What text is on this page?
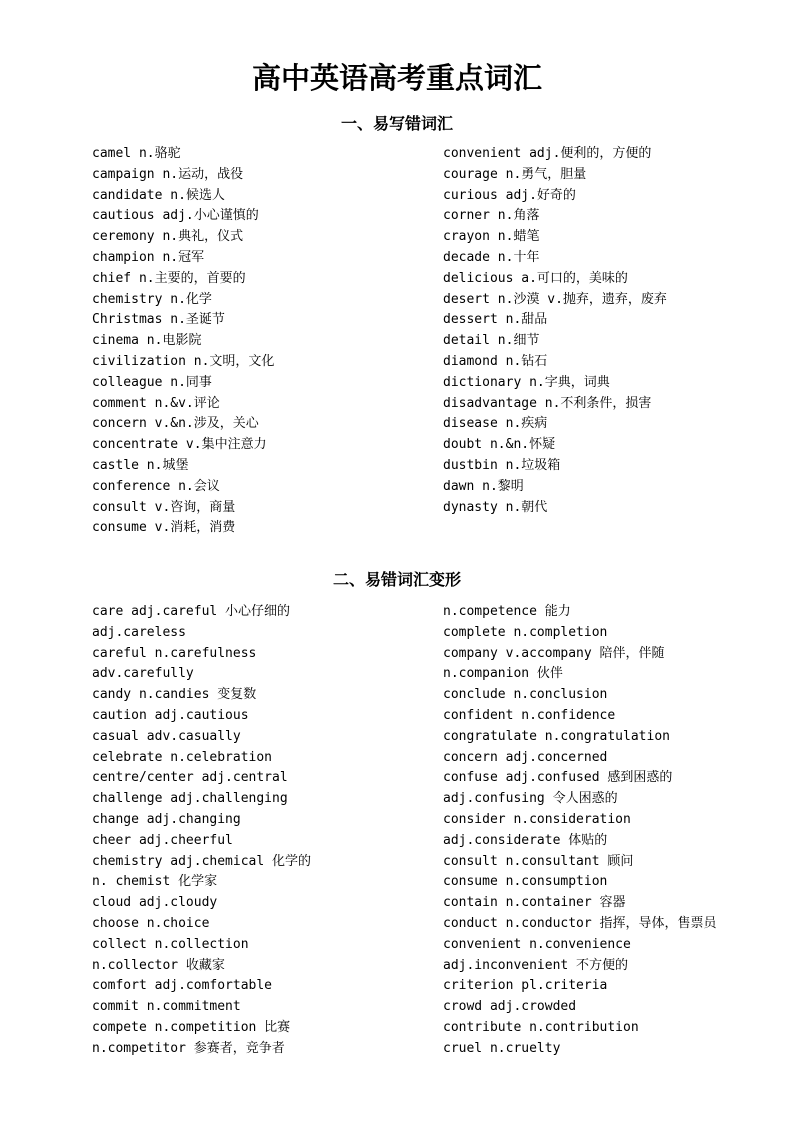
高中英语高考重点词汇
一、易写错词汇
camel n.骆驼
campaign n.运动，战役
candidate n.候选人
cautious adj.小心谨慎的
ceremony n.典礼，仪式
champion n.冠军
chief n.主要的，首要的
chemistry n.化学
Christmas n.圣诞节
cinema n.电影院
civilization n.文明，文化
colleague n.同事
comment n.&v.评论
concern v.&n.涉及，关心
concentrate v.集中注意力
castle n.城堡
conference n.会议
consult v.咨询，商量
consume v.消耗，消费
convenient adj.便利的，方便的
courage n.勇气，胆量
curious adj.好奇的
corner n.角落
crayon n.蜡笔
decade n.十年
delicious a.可口的，美味的
desert n.沙漠 v.抛弃，遗弃，废弃
dessert n.甜品
detail n.细节
diamond n.钻石
dictionary n.字典，词典
disadvantage n.不利条件，损害
disease n.疾病
doubt n.&n.怀疑
dustbin n.垃圾箱
dawn n.黎明
dynasty n.朝代
二、易错词汇变形
care adj.careful 小心仔细的
adj.careless
careful n.carefulness
adv.carefully
candy n.candies 变复数
caution adj.cautious
casual adv.casually
celebrate n.celebration
centre/center adj.central
challenge adj.challenging
change adj.changing
cheer adj.cheerful
chemistry adj.chemical 化学的
n. chemist 化学家
cloud adj.cloudy
choose n.choice
collect n.collection
n.collector 收藏家
comfort adj.comfortable
commit n.commitment
compete n.competition 比赛
n.competitor 参赛者，竞争者
n.competence 能力
complete n.completion
company v.accompany 陪伴，伴随
n.companion 伙伴
conclude n.conclusion
confident n.confidence
congratulate n.congratulation
concern adj.concerned
confuse adj.confused 感到困惑的
adj.confusing 令人困惑的
consider n.consideration
adj.considerate 体贴的
consult n.consultant 顾问
consume n.consumption
contain n.container 容器
conduct n.conductor 指挥，导体，售票员
convenient n.convenience
adj.inconvenient 不方便的
criterion pl.criteria
crowd adj.crowded
contribute n.contribution
cruel n.cruelty
